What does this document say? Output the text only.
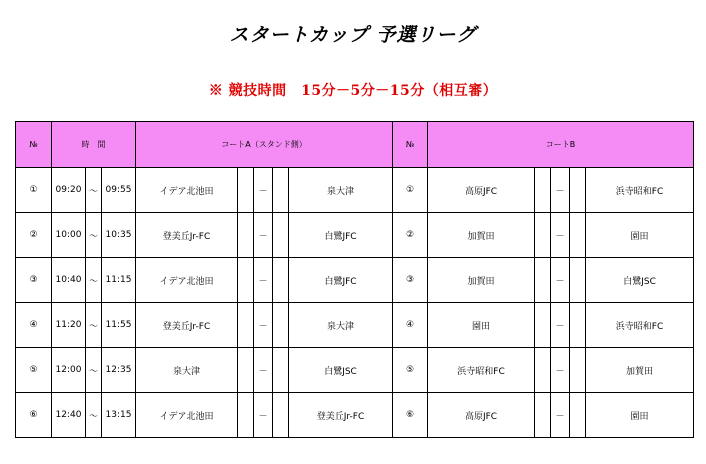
スタートカップ 予選リーグ
※ 競技時間　15分－5分－15分（相互審）
№	時　間			コートA（スタンド側）					№	コートB				
①	09:20	～	09:55	イデア北池田		－		泉大津	①	高原JFC		－		浜寺昭和FC
②	10:00	～	10:35	登美丘Jr-FC		－		白鷺JFC	②	加賀田		－		園田
③	10:40	～	11:15	イデア北池田		－		白鷺JFC	③	加賀田		－		白鷺JSC
④	11:20	～	11:55	登美丘Jr-FC		－		泉大津	④	園田		－		浜寺昭和FC
⑤	12:00	～	12:35	泉大津		－		白鷺JSC	⑤	浜寺昭和FC		－		加賀田
⑥	12:40	～	13:15	イデア北池田		－		登美丘Jr-FC	⑥	高原JFC		－		園田
